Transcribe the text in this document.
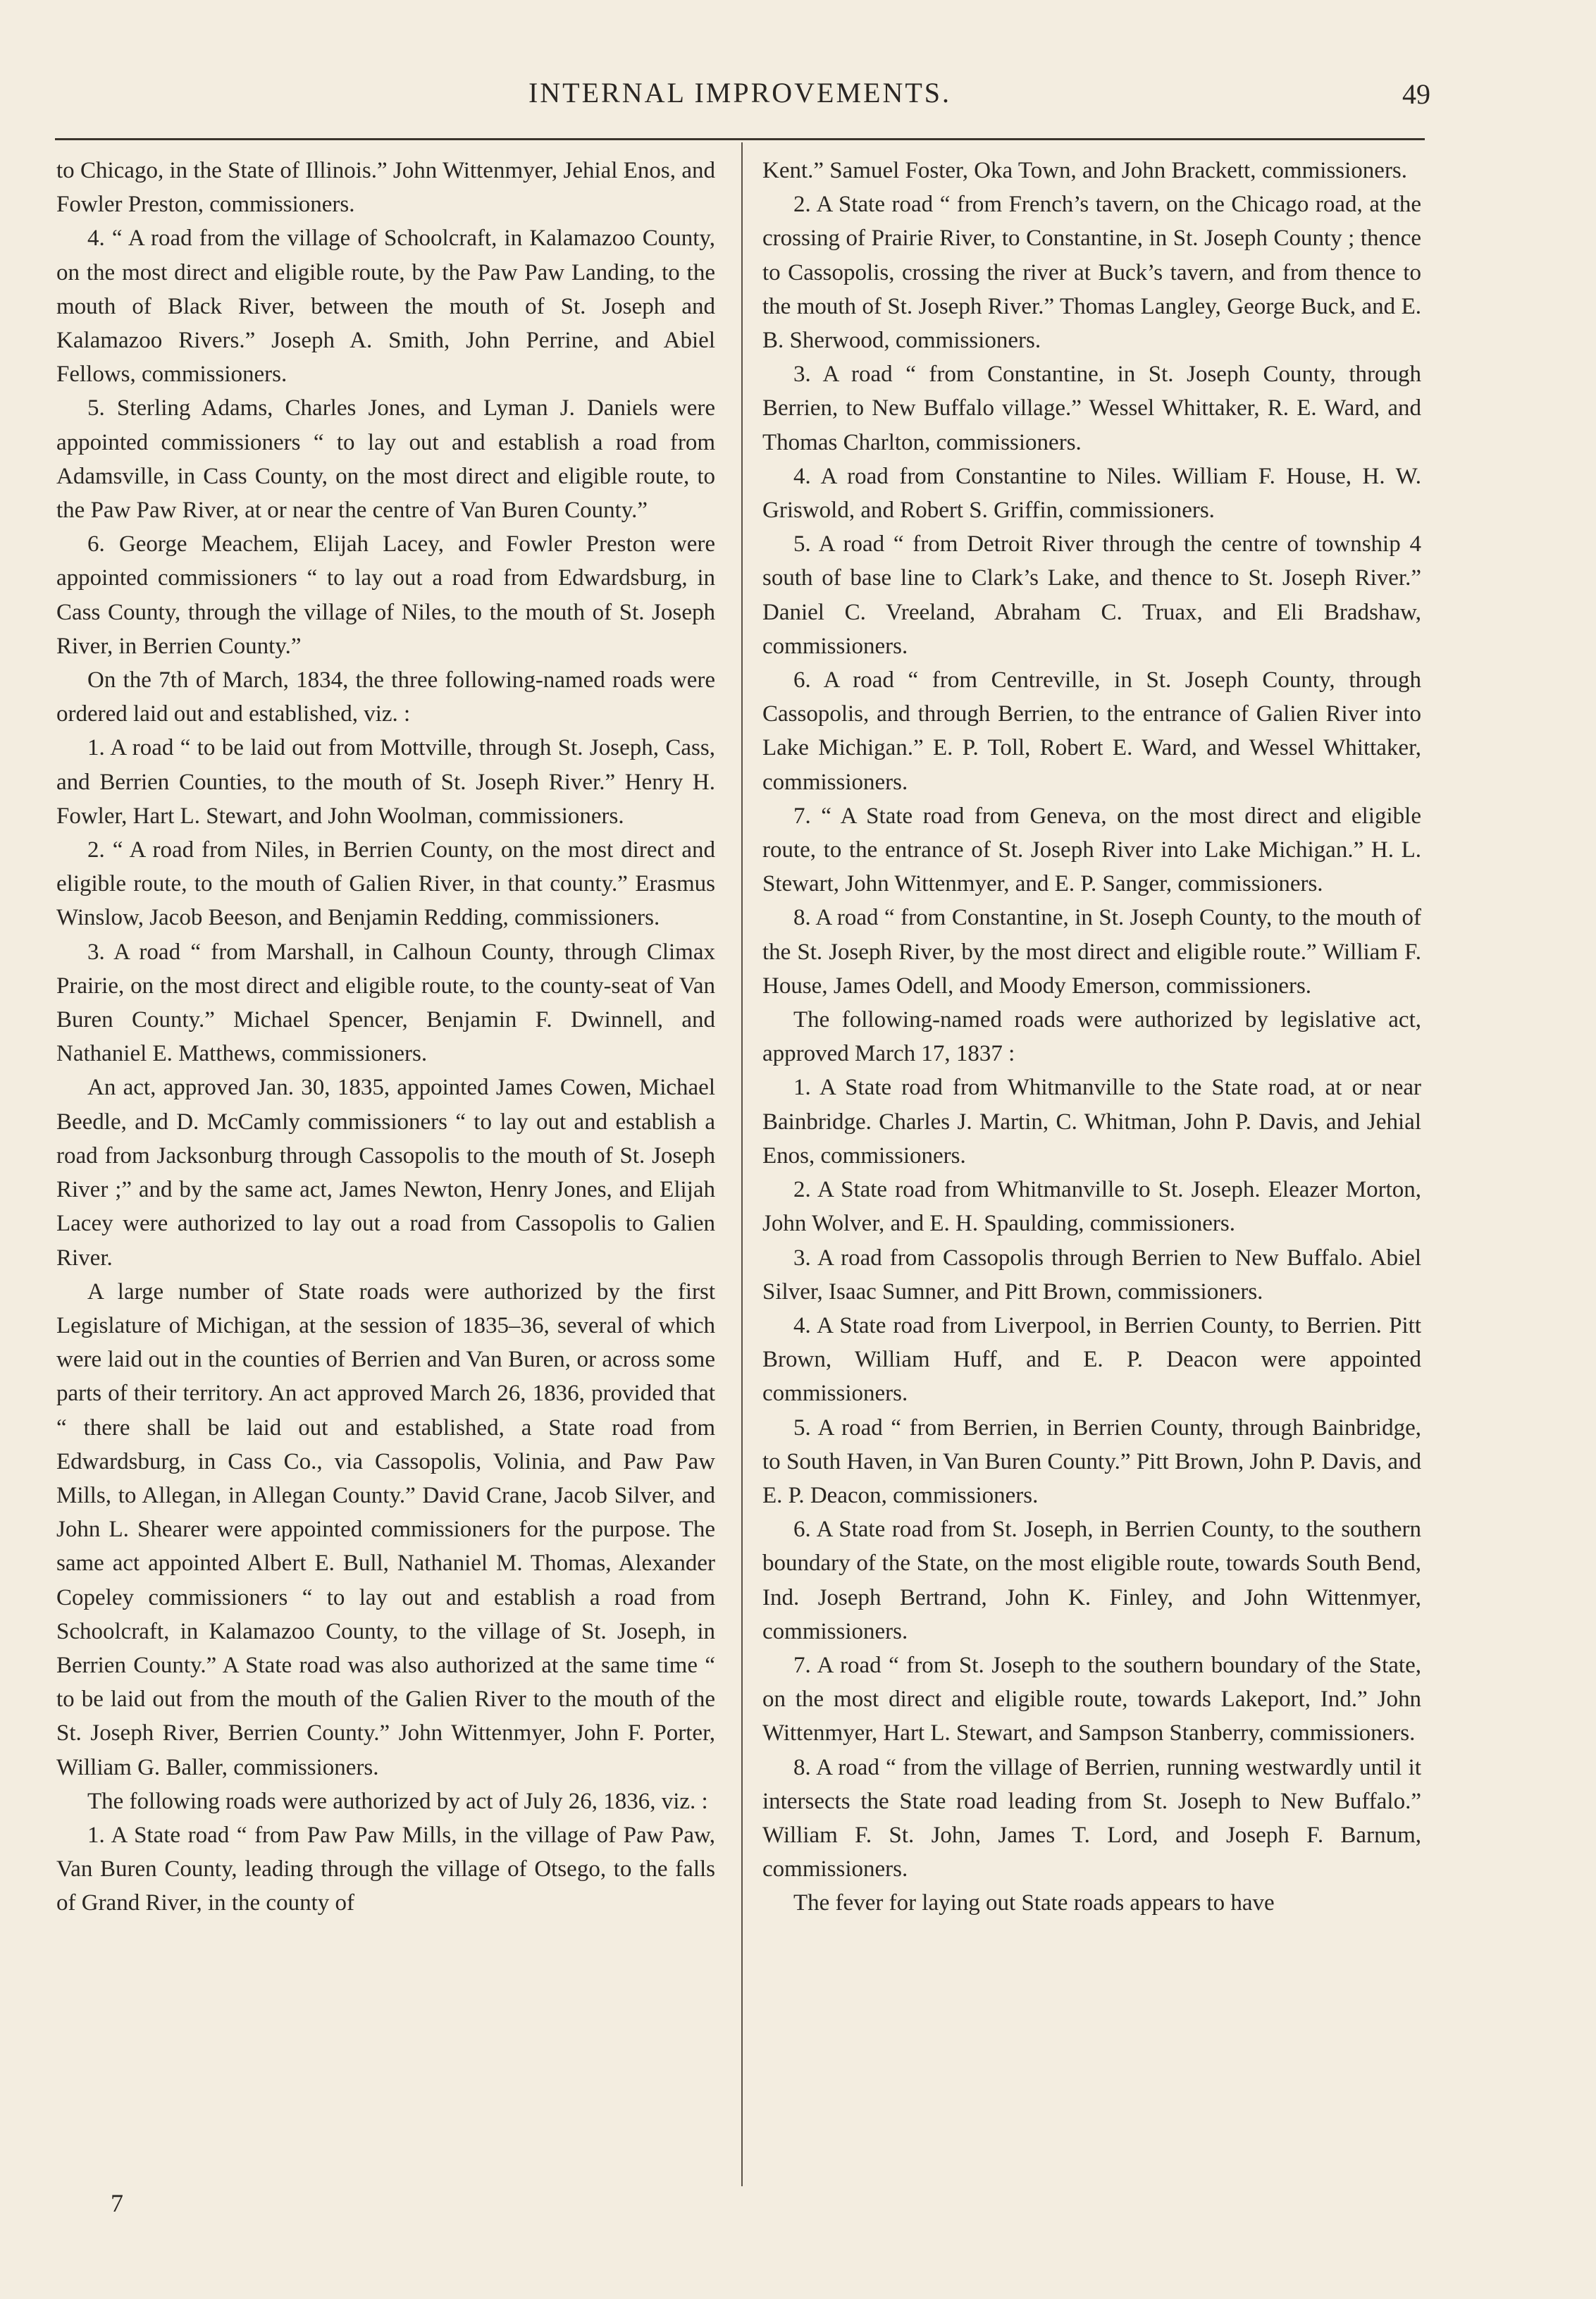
INTERNAL IMPROVEMENTS.	49

to Chicago, in the State of Illinois.” John Wittenmyer, Jehial Enos, and Fowler Preston, commissioners.

4. “ A road from the village of Schoolcraft, in Kalamazoo County, on the most direct and eligible route, by the Paw Paw Landing, to the mouth of Black River, between the mouth of St. Joseph and Kalamazoo Rivers.” Joseph A. Smith, John Perrine, and Abiel Fellows, commissioners.

5. Sterling Adams, Charles Jones, and Lyman J. Daniels were appointed commissioners “ to lay out and establish a road from Adamsville, in Cass County, on the most direct and eligible route, to the Paw Paw River, at or near the centre of Van Buren County.”

6. George Meachem, Elijah Lacey, and Fowler Preston were appointed commissioners “ to lay out a road from Edwardsburg, in Cass County, through the village of Niles, to the mouth of St. Joseph River, in Berrien County.”

On the 7th of March, 1834, the three following-named roads were ordered laid out and established, viz. :

1. A road “ to be laid out from Mottville, through St. Joseph, Cass, and Berrien Counties, to the mouth of St. Joseph River.” Henry H. Fowler, Hart L. Stewart, and John Woolman, commissioners.

2. “ A road from Niles, in Berrien County, on the most direct and eligible route, to the mouth of Galien River, in that county.” Erasmus Winslow, Jacob Beeson, and Benjamin Redding, commissioners.

3. A road “ from Marshall, in Calhoun County, through Climax Prairie, on the most direct and eligible route, to the county-seat of Van Buren County.” Michael Spencer, Benjamin F. Dwinnell, and Nathaniel E. Matthews, commissioners.

An act, approved Jan. 30, 1835, appointed James Cowen, Michael Beedle, and D. McCamly commissioners “ to lay out and establish a road from Jacksonburg through Cassopolis to the mouth of St. Joseph River ;” and by the same act, James Newton, Henry Jones, and Elijah Lacey were authorized to lay out a road from Cassopolis to Galien River.

A large number of State roads were authorized by the first Legislature of Michigan, at the session of 1835–36, several of which were laid out in the counties of Berrien and Van Buren, or across some parts of their territory. An act approved March 26, 1836, provided that “ there shall be laid out and established, a State road from Edwardsburg, in Cass Co., via Cassopolis, Volinia, and Paw Paw Mills, to Allegan, in Allegan County.” David Crane, Jacob Silver, and John L. Shearer were appointed commissioners for the purpose. The same act appointed Albert E. Bull, Nathaniel M. Thomas, Alexander Copeley commissioners “ to lay out and establish a road from Schoolcraft, in Kalamazoo County, to the village of St. Joseph, in Berrien County.” A State road was also authorized at the same time “ to be laid out from the mouth of the Galien River to the mouth of the St. Joseph River, Berrien County.” John Wittenmyer, John F. Porter, William G. Baller, commissioners.

The following roads were authorized by act of July 26, 1836, viz. :

1. A State road “ from Paw Paw Mills, in the village of Paw Paw, Van Buren County, leading through the village of Otsego, to the falls of Grand River, in the county of

Kent.” Samuel Foster, Oka Town, and John Brackett, commissioners.

2. A State road “ from French’s tavern, on the Chicago road, at the crossing of Prairie River, to Constantine, in St. Joseph County ; thence to Cassopolis, crossing the river at Buck’s tavern, and from thence to the mouth of St. Joseph River.” Thomas Langley, George Buck, and E. B. Sherwood, commissioners.

3. A road “ from Constantine, in St. Joseph County, through Berrien, to New Buffalo village.” Wessel Whittaker, R. E. Ward, and Thomas Charlton, commissioners.

4. A road from Constantine to Niles. William F. House, H. W. Griswold, and Robert S. Griffin, commissioners.

5. A road “ from Detroit River through the centre of township 4 south of base line to Clark’s Lake, and thence to St. Joseph River.” Daniel C. Vreeland, Abraham C. Truax, and Eli Bradshaw, commissioners.

6. A road “ from Centreville, in St. Joseph County, through Cassopolis, and through Berrien, to the entrance of Galien River into Lake Michigan.” E. P. Toll, Robert E. Ward, and Wessel Whittaker, commissioners.

7. “ A State road from Geneva, on the most direct and eligible route, to the entrance of St. Joseph River into Lake Michigan.” H. L. Stewart, John Wittenmyer, and E. P. Sanger, commissioners.

8. A road “ from Constantine, in St. Joseph County, to the mouth of the St. Joseph River, by the most direct and eligible route.” William F. House, James Odell, and Moody Emerson, commissioners.

The following-named roads were authorized by legislative act, approved March 17, 1837 :

1. A State road from Whitmanville to the State road, at or near Bainbridge. Charles J. Martin, C. Whitman, John P. Davis, and Jehial Enos, commissioners.

2. A State road from Whitmanville to St. Joseph. Eleazer Morton, John Wolver, and E. H. Spaulding, commissioners.

3. A road from Cassopolis through Berrien to New Buffalo. Abiel Silver, Isaac Sumner, and Pitt Brown, commissioners.

4. A State road from Liverpool, in Berrien County, to Berrien. Pitt Brown, William Huff, and E. P. Deacon were appointed commissioners.

5. A road “ from Berrien, in Berrien County, through Bainbridge, to South Haven, in Van Buren County.” Pitt Brown, John P. Davis, and E. P. Deacon, commissioners.

6. A State road from St. Joseph, in Berrien County, to the southern boundary of the State, on the most eligible route, towards South Bend, Ind. Joseph Bertrand, John K. Finley, and John Wittenmyer, commissioners.

7. A road “ from St. Joseph to the southern boundary of the State, on the most direct and eligible route, towards Lakeport, Ind.” John Wittenmyer, Hart L. Stewart, and Sampson Stanberry, commissioners.

8. A road “ from the village of Berrien, running westwardly until it intersects the State road leading from St. Joseph to New Buffalo.” William F. St. John, James T. Lord, and Joseph F. Barnum, commissioners.

The fever for laying out State roads appears to have

7
